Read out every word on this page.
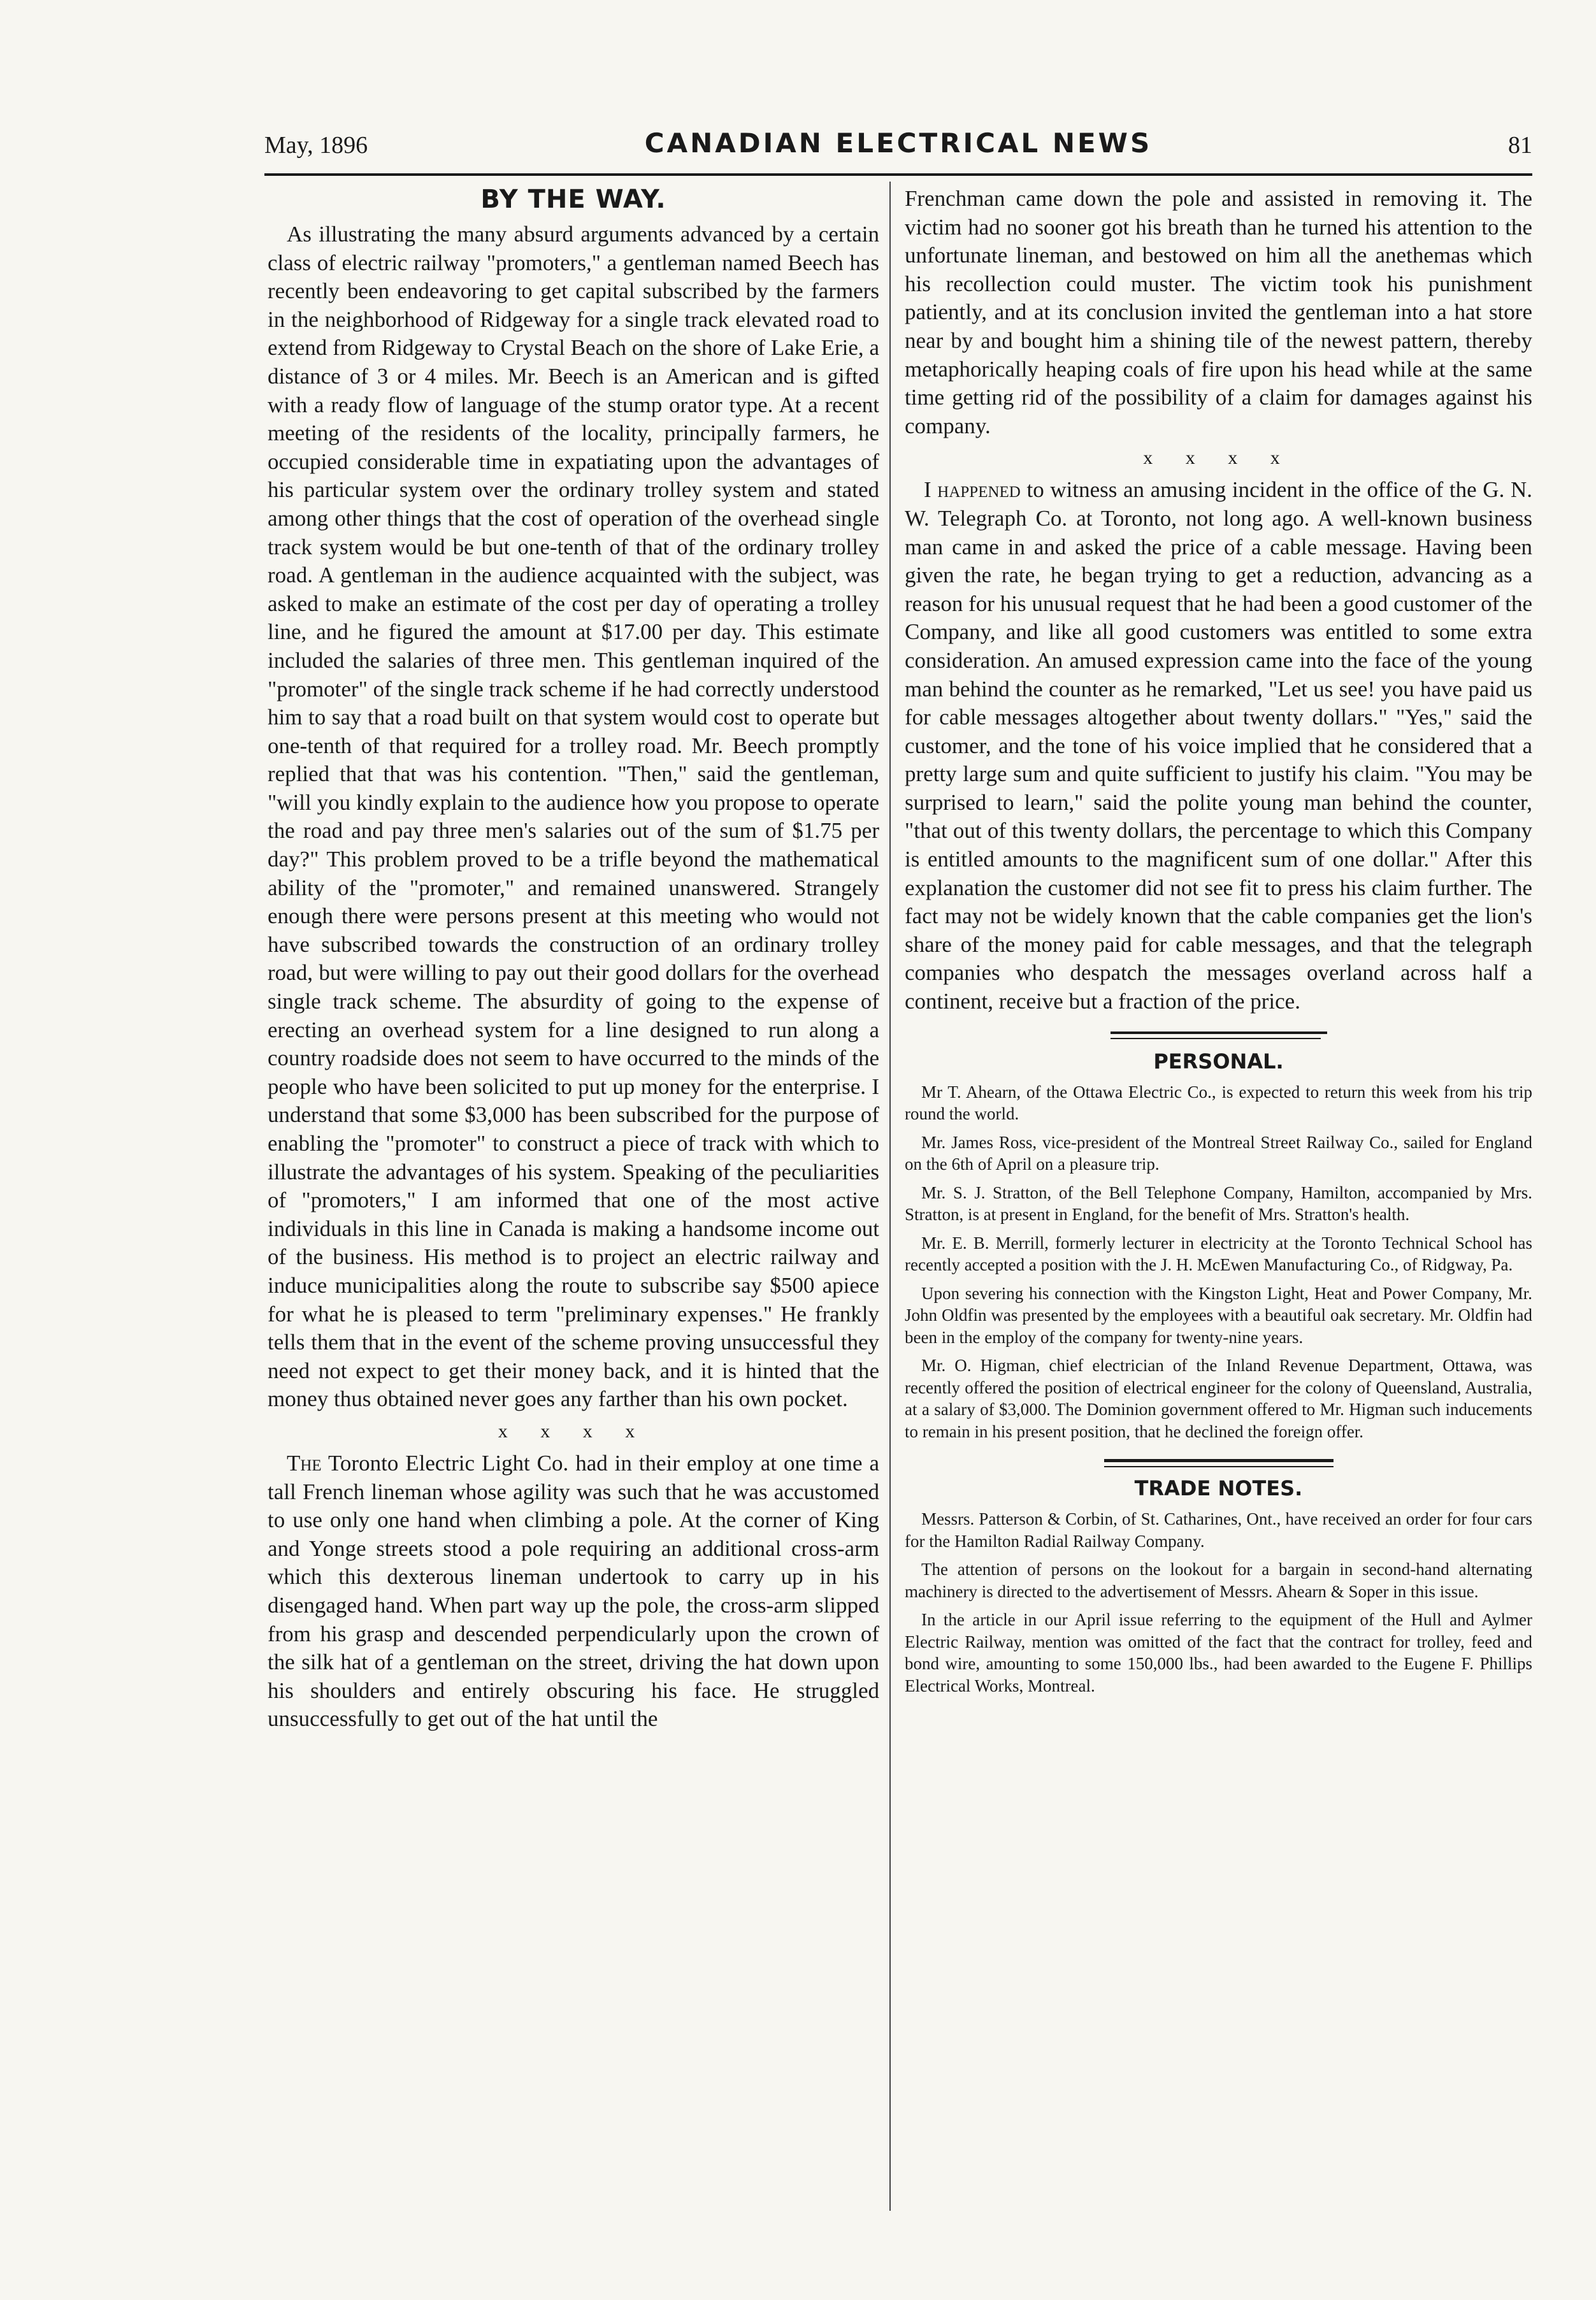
May, 1896	CANADIAN ELECTRICAL NEWS	81
BY THE WAY.

As illustrating the many absurd arguments advanced by a certain class of electric railway "promoters," a gentleman named Beech has recently been endeavoring to get capital subscribed by the farmers in the neighborhood of Ridgeway for a single track elevated road to extend from Ridgeway to Crystal Beach on the shore of Lake Erie, a distance of 3 or 4 miles. Mr. Beech is an American and is gifted with a ready flow of language of the stump orator type. At a recent meeting of the residents of the locality, principally farmers, he occupied considerable time in expatiating upon the advantages of his particular system over the ordinary trolley system and stated among other things that the cost of operation of the overhead single track system would be but one-tenth of that of the ordinary trolley road. A gentleman in the audience acquainted with the subject, was asked to make an estimate of the cost per day of operating a trolley line, and he figured the amount at $17.00 per day. This estimate included the salaries of three men. This gentleman inquired of the "promoter" of the single track scheme if he had correctly understood him to say that a road built on that system would cost to operate but one-tenth of that required for a trolley road. Mr. Beech promptly replied that that was his contention. "Then," said the gentleman, "will you kindly explain to the audience how you propose to operate the road and pay three men's salaries out of the sum of $1.75 per day?" This problem proved to be a trifle beyond the mathematical ability of the "promoter," and remained unanswered. Strangely enough there were persons present at this meeting who would not have subscribed towards the construction of an ordinary trolley road, but were willing to pay out their good dollars for the overhead single track scheme. The absurdity of going to the expense of erecting an overhead system for a line designed to run along a country roadside does not seem to have occurred to the minds of the people who have been solicited to put up money for the enterprise. I understand that some $3,000 has been subscribed for the purpose of enabling the "promoter" to construct a piece of track with which to illustrate the advantages of his system. Speaking of the peculiarities of "promoters," I am informed that one of the most active individuals in this line in Canada is making a handsome income out of the business. His method is to project an electric railway and induce municipalities along the route to subscribe say $500 apiece for what he is pleased to term "preliminary expenses." He frankly tells them that in the event of the scheme proving unsuccessful they need not expect to get their money back, and it is hinted that the money thus obtained never goes any farther than his own pocket.

x x x x

The Toronto Electric Light Co. had in their employ at one time a tall French lineman whose agility was such that he was accustomed to use only one hand when climbing a pole. At the corner of King and Yonge streets stood a pole requiring an additional cross-arm which this dexterous lineman undertook to carry up in his disengaged hand. When part way up the pole, the cross-arm slipped from his grasp and descended perpendicularly upon the crown of the silk hat of a gentleman on the street, driving the hat down upon his shoulders and entirely obscuring his face. He struggled unsuccessfully to get out of the hat until the

Frenchman came down the pole and assisted in removing it. The victim had no sooner got his breath than he turned his attention to the unfortunate lineman, and bestowed on him all the anethemas which his recollection could muster. The victim took his punishment patiently, and at its conclusion invited the gentleman into a hat store near by and bought him a shining tile of the newest pattern, thereby metaphorically heaping coals of fire upon his head while at the same time getting rid of the possibility of a claim for damages against his company.

x x x x

I happened to witness an amusing incident in the office of the G. N. W. Telegraph Co. at Toronto, not long ago. A well-known business man came in and asked the price of a cable message. Having been given the rate, he began trying to get a reduction, advancing as a reason for his unusual request that he had been a good customer of the Company, and like all good customers was entitled to some extra consideration. An amused expression came into the face of the young man behind the counter as he remarked, "Let us see! you have paid us for cable messages altogether about twenty dollars." "Yes," said the customer, and the tone of his voice implied that he considered that a pretty large sum and quite sufficient to justify his claim. "You may be surprised to learn," said the polite young man behind the counter, "that out of this twenty dollars, the percentage to which this Company is entitled amounts to the magnificent sum of one dollar." After this explanation the customer did not see fit to press his claim further. The fact may not be widely known that the cable companies get the lion's share of the money paid for cable messages, and that the telegraph companies who despatch the messages overland across half a continent, receive but a fraction of the price.

PERSONAL.

Mr T. Ahearn, of the Ottawa Electric Co., is expected to return this week from his trip round the world.

Mr. James Ross, vice-president of the Montreal Street Railway Co., sailed for England on the 6th of April on a pleasure trip.

Mr. S. J. Stratton, of the Bell Telephone Company, Hamilton, accompanied by Mrs. Stratton, is at present in England, for the benefit of Mrs. Stratton's health.

Mr. E. B. Merrill, formerly lecturer in electricity at the Toronto Technical School has recently accepted a position with the J. H. McEwen Manufacturing Co., of Ridgway, Pa.

Upon severing his connection with the Kingston Light, Heat and Power Company, Mr. John Oldfin was presented by the employees with a beautiful oak secretary. Mr. Oldfin had been in the employ of the company for twenty-nine years.

Mr. O. Higman, chief electrician of the Inland Revenue Department, Ottawa, was recently offered the position of electrical engineer for the colony of Queensland, Australia, at a salary of $3,000. The Dominion government offered to Mr. Higman such inducements to remain in his present position, that he declined the foreign offer.

TRADE NOTES.

Messrs. Patterson & Corbin, of St. Catharines, Ont., have received an order for four cars for the Hamilton Radial Railway Company.

The attention of persons on the lookout for a bargain in second-hand alternating machinery is directed to the advertisement of Messrs. Ahearn & Soper in this issue.

In the article in our April issue referring to the equipment of the Hull and Aylmer Electric Railway, mention was omitted of the fact that the contract for trolley, feed and bond wire, amounting to some 150,000 lbs., had been awarded to the Eugene F. Phillips Electrical Works, Montreal.
